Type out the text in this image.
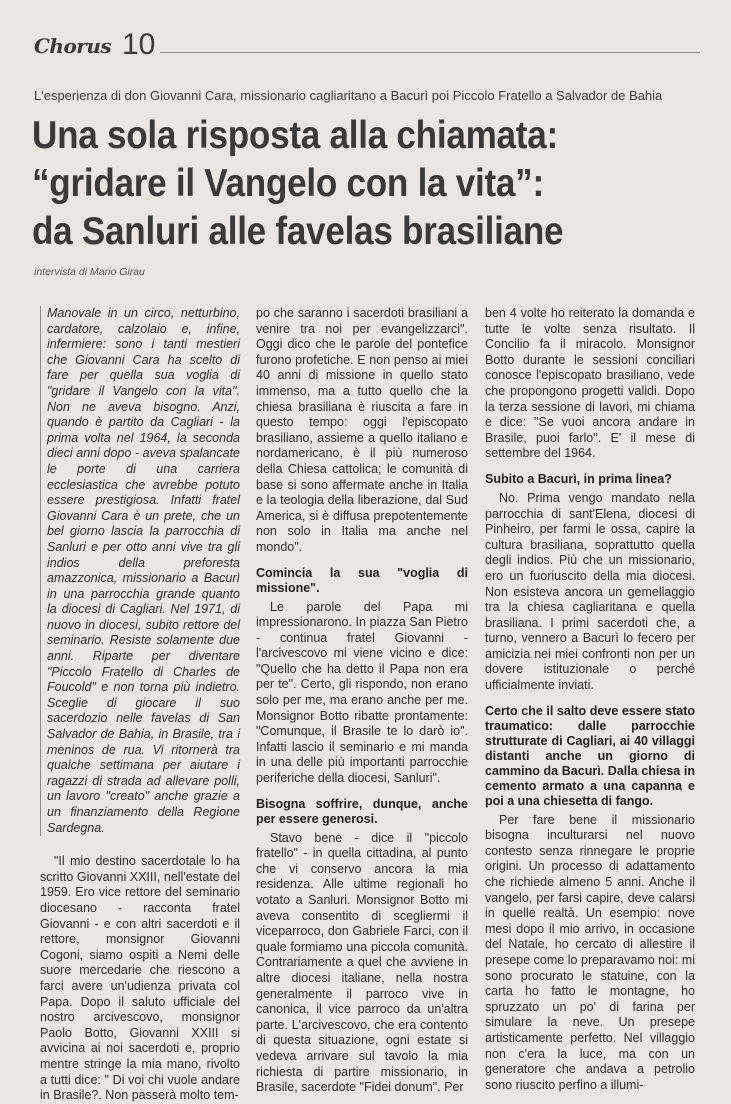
Chorus 10
L'esperienza di don Giovanni Cara, missionario cagliaritano a Bacurì poi Piccolo Fratello a Salvador de Bahia
Una sola risposta alla chiamata:
“gridare il Vangelo con la vita”:
da Sanluri alle favelas brasiliane
intervista di Mario Girau

Manovale in un circo, netturbino, cardatore, calzolaio e, infine, infermiere: sono i tanti mestieri che Giovanni Cara ha scelto di fare per quella sua voglia di "gridare il Vangelo con la vita". Non ne aveva bisogno. Anzi, quando è partito da Cagliari - la prima volta nel 1964, la seconda dieci anni dopo - aveva spalancate le porte di una carriera ecclesiastica che avrebbe potuto essere prestigiosa. Infatti fratel Giovanni Cara è un prete, che un bel giorno lascia la parrocchia di Sanluri e per otto anni vive tra gli indios della preforesta amazzonica, missionario a Bacurì in una parrocchia grande quanto la diocesi di Cagliari. Nel 1971, di nuovo in diocesi, subito rettore del seminario. Resiste solamente due anni. Riparte per diventare "Piccolo Fratello di Charles de Foucold" e non torna più indietro. Sceglie di giocare il suo sacerdozio nelle favelas di San Salvador de Bahia, in Brasile, tra i meninos de rua. Vi ritornerà tra qualche settimana per aiutare i ragazzi di strada ad allevare polli, un lavoro "creato" anche grazie a un finanziamento della Regione Sardegna.

"Il mio destino sacerdotale lo ha scritto Giovanni XXIII, nell'estate del 1959. Ero vice rettore del seminario diocesano - racconta fratel Giovanni - e con altri sacerdoti e il rettore, monsignor Giovanni Cogoni, siamo ospiti a Nemi delle suore mercedarie che riescono a farci avere un'udienza privata col Papa. Dopo il saluto ufficiale del nostro arcivescovo, monsignor Paolo Botto, Giovanni XXIII si avvicina ai noi sacerdoti e, proprio mentre stringe la mia mano, rivolto a tutti dice: " Di voi chi vuole andare in Brasile?. Non passerà molto tem-

po che saranno i sacerdoti brasiliani a venire tra noi per evangelizzarci". Oggi dico che le parole del pontefice furono profetiche. E non penso ai miei 40 anni di missione in quello stato immenso, ma a tutto quello che la chiesa brasiliana è riuscita a fare in questo tempo: oggi l'episcopato brasiliano, assieme a quello italiano e nordamericano, è il più numeroso della Chiesa cattolica; le comunità di base si sono affermate anche in Italia e la teologia della liberazione, dal Sud America, si è diffusa prepotentemente non solo in Italia ma anche nel mondo".

Comincia la sua "voglia di missione".

Le parole del Papa mi impressionarono. In piazza San Pietro - continua fratel Giovanni - l'arcivescovo mi viene vicino e dice: "Quello che ha detto il Papa non era per te". Certo, gli rispondo, non erano solo per me, ma erano anche per me. Monsignor Botto ribatte prontamente: "Comunque, il Brasile te lo darò io". Infatti lascio il seminario e mi manda in una delle più importanti parrocchie periferiche della diocesi, Sanluri".

Bisogna soffrire, dunque, anche per essere generosi.

Stavo bene - dice il "piccolo fratello" - in quella cittadina, al punto che vi conservo ancora la mia residenza. Alle ultime regionali ho votato a Sanluri. Monsignor Botto mi aveva consentito di scegliermi il viceparroco, don Gabriele Farci, con il quale formiamo una piccola comunità. Contrariamente a quel che avviene in altre diocesi italiane, nella nostra generalmente il parroco vive in canonica, il vice parroco da un'altra parte. L'arcivescovo, che era contento di questa situazione, ogni estate si vedeva arrivare sul tavolo la mia richiesta di partire missionario, in Brasile, sacerdote "Fidei donum". Per

ben 4 volte ho reiterato la domanda e tutte le volte senza risultato. Il Concilio fa il miracolo. Monsignor Botto durante le sessioni conciliari conosce l'episcopato brasiliano, vede che propongono progetti validi. Dopo la terza sessione di lavori, mi chiama e dice: "Se vuoi ancora andare in Brasile, puoi farlo". E' il mese di settembre del 1964.

Subito a Bacurì, in prima linea?

No. Prima vengo mandato nella parrocchia di sant'Elena, diocesi di Pinheiro, per farmi le ossa, capire la cultura brasiliana, soprattutto quella degli indios. Più che un missionario, ero un fuoriuscito della mia diocesi. Non esisteva ancora un gemellaggio tra la chiesa cagliaritana e quella brasiliana. I primi sacerdoti che, a turno, vennero a Bacurì lo fecero per amicizia nei miei confronti non per un dovere istituzionale o perché ufficialmente inviati.

Certo che il salto deve essere stato traumatico: dalle parrocchie strutturate di Cagliari, ai 40 villaggi distanti anche un giorno di cammino da Bacurì. Dalla chiesa in cemento armato a una capanna e poi a una chiesetta di fango.

Per fare bene il missionario bisogna inculturarsi nel nuovo contesto senza rinnegare le proprie origini. Un processo di adattamento che richiede almeno 5 anni. Anche il vangelo, per farsi capire, deve calarsi in quelle realtà. Un esempio: nove mesi dopo il mio arrivo, in occasione del Natale, ho cercato di allestire il presepe come lo preparavamo noi: mi sono procurato le statuine, con la carta ho fatto le montagne, ho spruzzato un po' di farina per simulare la neve. Un presepe artisticamente perfetto. Nel villaggio non c'era la luce, ma con un generatore che andava a petrolio sono riuscito perfino a illumi-
